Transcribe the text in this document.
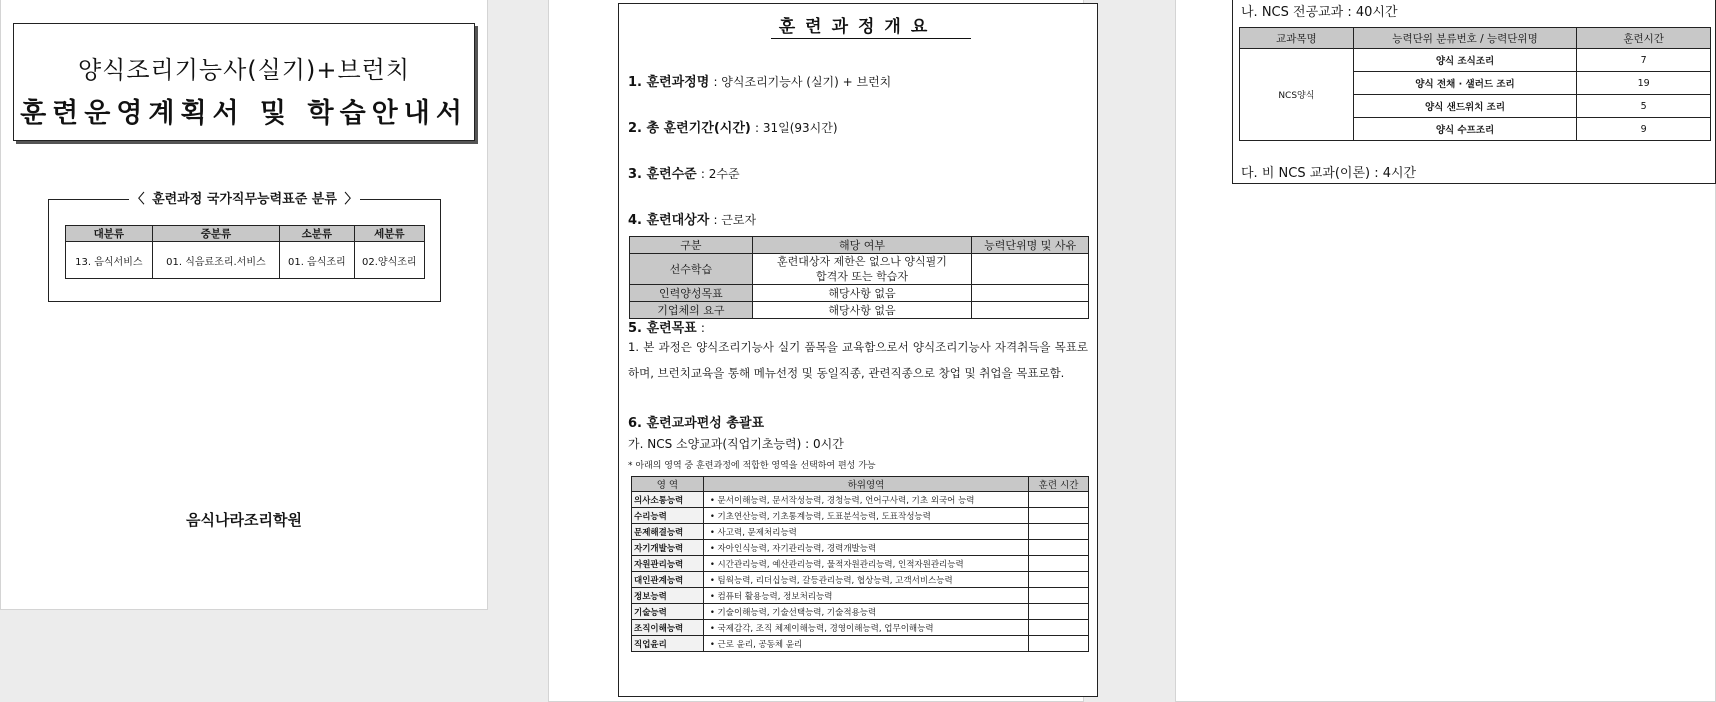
양식조리기능사(실기)+브런치
훈련운영계획서 및 학습안내서
〈 훈련과정 국가직무능력표준 분류 〉
대분류	중분류	소분류	세분류
13. 음식서비스	01. 식음료조리.서비스	01. 음식조리	02.양식조리
음식나라조리학원
훈련과정개요
1. 훈련과정명 : 양식조리기능사 (실기) + 브런치
2. 총 훈련기간(시간) : 31일(93시간)
3. 훈련수준 : 2수준
4. 훈련대상자 : 근로자
구분	해당 여부	능력단위명 및 사유
선수학습	훈련대상자 제한은 없으나 양식필기 합격자 또는 학습자	
인력양성목표	해당사항 없음	
기업체의 요구	해당사항 없음	
5. 훈련목표 :
1. 본 과정은 양식조리기능사 실기 품목을 교육함으로서 양식조리기능사 자격취득을 목표로 하며, 브런치교육을 통해 메뉴선정 및 동일직종, 관련직종으로 창업 및 취업을 목표로함.
6. 훈련교과편성 총괄표
가. NCS 소양교과(직업기초능력) : 0시간
* 아래의 영역 중 훈련과정에 적합한 영역을 선택하여 편성 가능
영 역	하위영역	훈련 시간
의사소통능력	• 문서이해능력, 문서작성능력, 경청능력, 언어구사력, 기초 외국어 능력	
수리능력	• 기초연산능력, 기초통계능력, 도표분석능력, 도표작성능력	
문제해결능력	• 사고력, 문제처리능력	
자기개발능력	• 자아인식능력, 자기관리능력, 경력개발능력	
자원관리능력	• 시간관리능력, 예산관리능력, 물적자원관리능력, 인적자원관리능력	
대인관계능력	• 팀웍능력, 리더십능력, 갈등관리능력, 협상능력, 고객서비스능력	
정보능력	• 컴퓨터 활용능력, 정보처리능력	
기술능력	• 기술이해능력, 기술선택능력, 기술적용능력	
조직이해능력	• 국제감각, 조직 체제이해능력, 경영이해능력, 업무이해능력	
직업윤리	• 근로 윤리, 공동체 윤리	
나. NCS 전공교과 : 40시간
교과목명	능력단위 분류번호 / 능력단위명	훈련시간
NCS양식	양식 조식조리	7
	양식 전채 · 샐러드 조리	19
	양식 샌드위치 조리	5
	양식 수프조리	9
다. 비 NCS 교과(이론) : 4시간
